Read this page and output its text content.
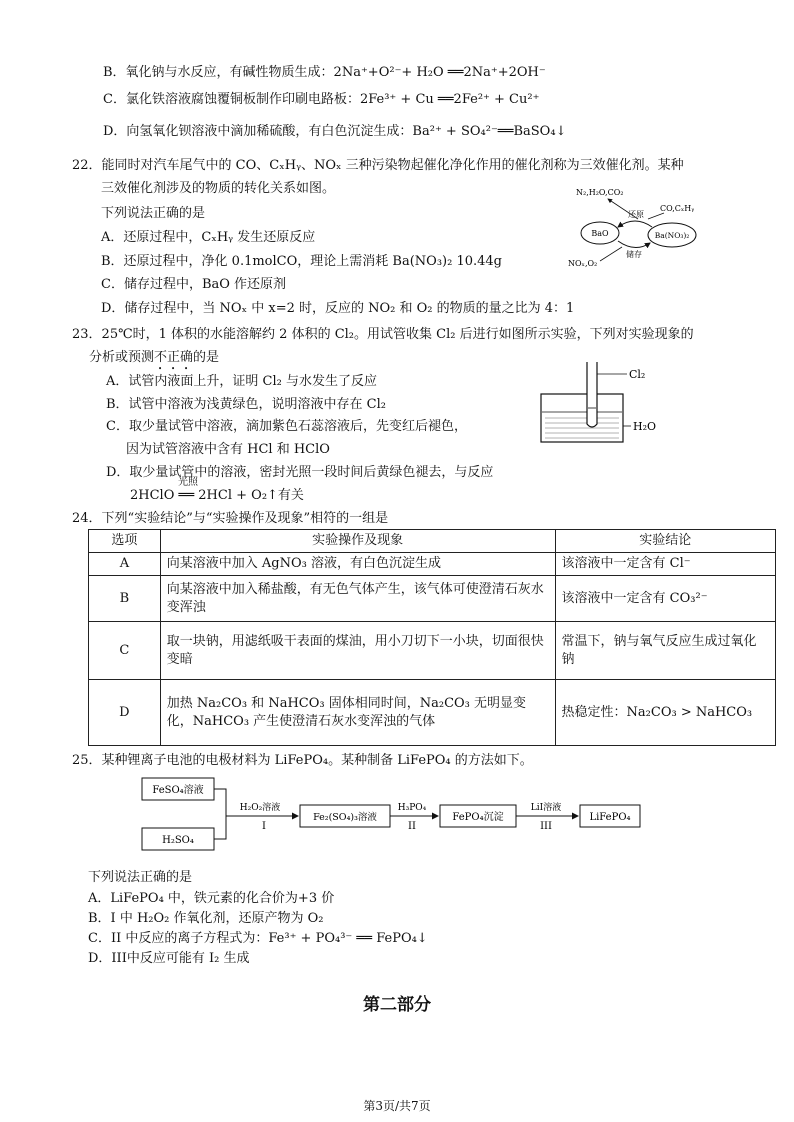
B．氧化钠与水反应，有碱性物质生成：2Na⁺+O²⁻+ H₂O ══2Na⁺+2OH⁻
C．氯化铁溶液腐蚀覆铜板制作印刷电路板：2Fe³⁺ + Cu ══2Fe²⁺ + Cu²⁺
D．向氢氧化钡溶液中滴加稀硫酸，有白色沉淀生成：Ba²⁺ + SO₄²⁻══BaSO₄↓
22．能同时对汽车尾气中的 CO、CₓHᵧ、NOₓ 三种污染物起催化净化作用的催化剂称为三效催化剂。某种
三效催化剂涉及的物质的转化关系如图。
下列说法正确的是
A．还原过程中，CₓHᵧ 发生还原反应
B．还原过程中，净化 0.1molCO，理论上需消耗 Ba(NO₃)₂ 10.44g
C．储存过程中，BaO 作还原剂
D．储存过程中，当 NOₓ 中 x=2 时，反应的 NO₂ 和 O₂ 的物质的量之比为 4：1
N₂,H₂O,CO₂
CO,CₓHᵧ
NOₓ,O₂
BaO	Ba(NO₃)₂
还原
储存
23．25℃时，1 体积的水能溶解约 2 体积的 Cl₂。用试管收集 Cl₂ 后进行如图所示实验，下列对实验现象的
分析或预测不正确的是
A．试管内液面上升，证明 Cl₂ 与水发生了反应
B．试管中溶液为浅黄绿色，说明溶液中存在 Cl₂
C．取少量试管中溶液，滴加紫色石蕊溶液后，先变红后褪色，
因为试管溶液中含有 HCl 和 HClO
D．取少量试管中的溶液，密封光照一段时间后黄绿色褪去，与反应
2HClO ══ 2HCl + O₂↑有关
光照
Cl₂
H₂O
24．下列“实验结论”与“实验操作及现象”相符的一组是
选项	实验操作及现象	实验结论
A	向某溶液中加入 AgNO₃ 溶液，有白色沉淀生成	该溶液中一定含有 Cl⁻
B	向某溶液中加入稀盐酸，有无色气体产生，该气体可使澄清石灰水变浑浊	该溶液中一定含有 CO₃²⁻
C	取一块钠，用滤纸吸干表面的煤油，用小刀切下一小块，切面很快变暗	常温下，钠与氧气反应生成过氧化钠
D	加热 Na₂CO₃ 和 NaHCO₃ 固体相同时间，Na₂CO₃ 无明显变化，NaHCO₃ 产生使澄清石灰水变浑浊的气体	热稳定性：Na₂CO₃ > NaHCO₃
25．某种锂离子电池的电极材料为 LiFePO₄。某种制备 LiFePO₄ 的方法如下。
FeSO₄溶液
H₂SO₄
H₂O₂溶液
I
Fe₂(SO₄)₃溶液
H₃PO₄
II
FePO₄沉淀
LiI溶液
III
LiFePO₄
下列说法正确的是
A．LiFePO₄ 中，铁元素的化合价为+3 价
B．I 中 H₂O₂ 作氧化剂，还原产物为 O₂
C．II 中反应的离子方程式为：Fe³⁺ + PO₄³⁻ ══ FePO₄↓
D．III中反应可能有 I₂ 生成
第二部分
第3页/共7页
